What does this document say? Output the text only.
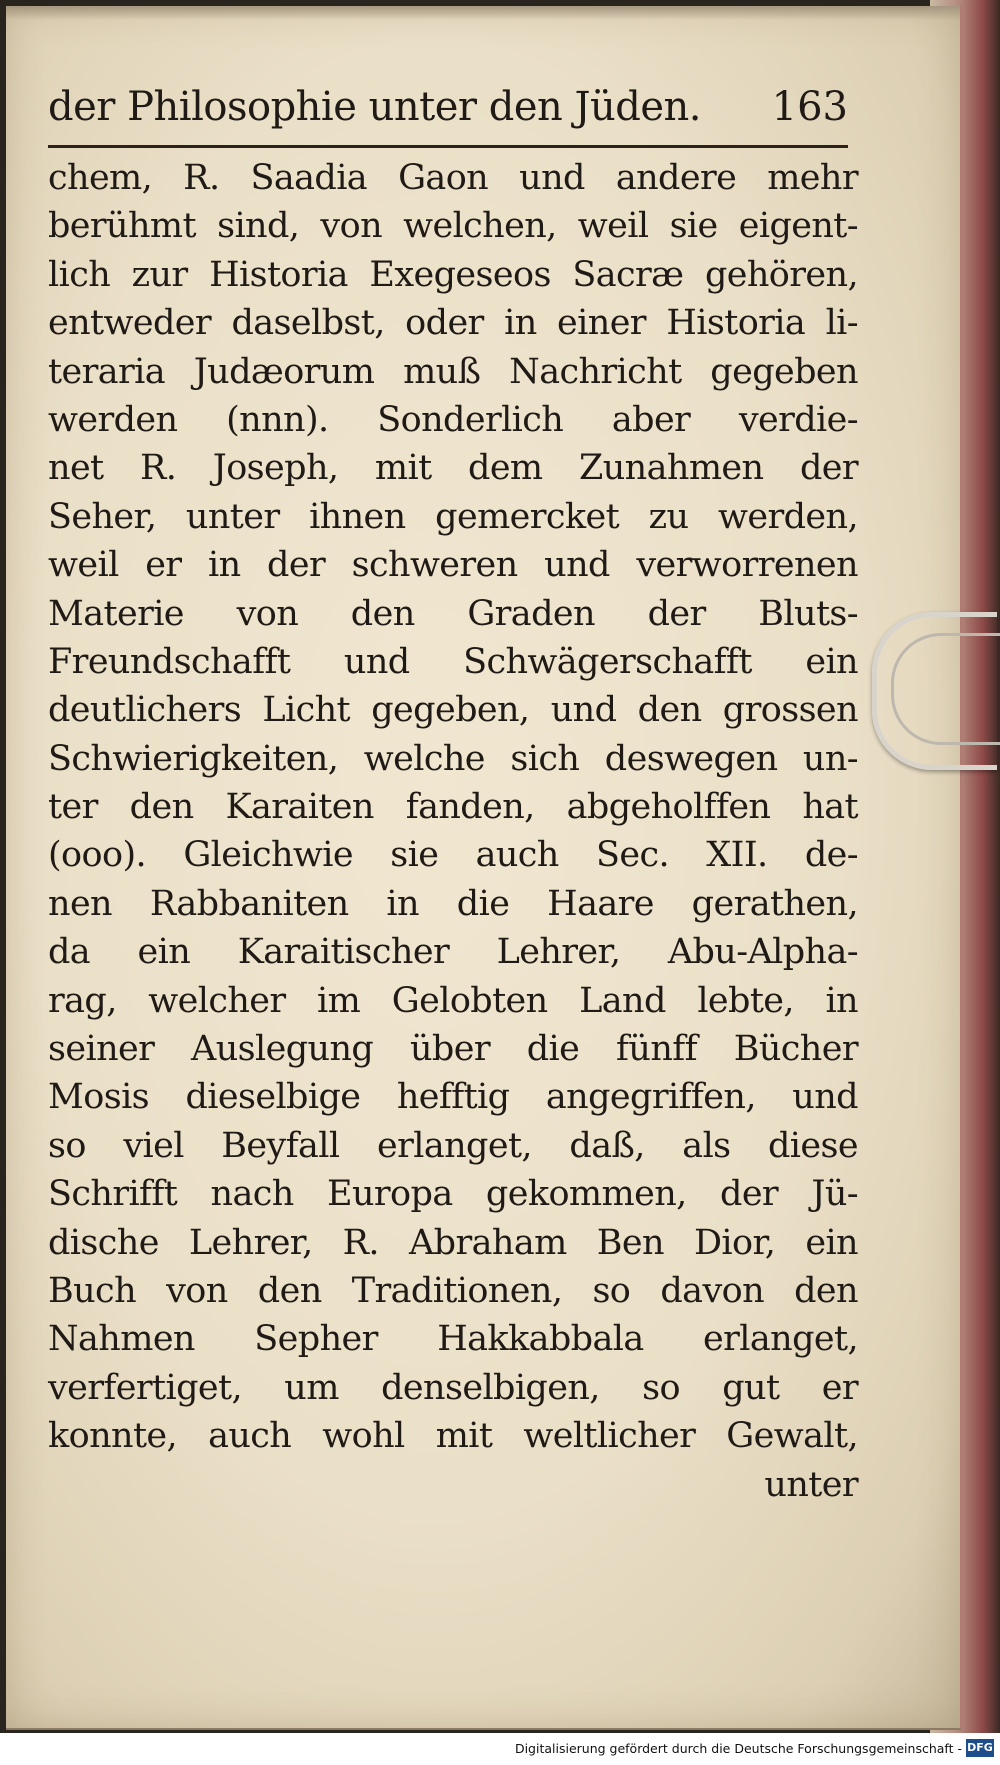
der Philosophie unter den Jüden. 163
chem, R. Saadia Gaon und andere mehr
berühmt sind, von welchen, weil sie eigent-
lich zur Historia Exegeseos Sacræ gehören,
entweder daselbst, oder in einer Historia li-
teraria Judæorum muß Nachricht gegeben
werden (nnn). Sonderlich aber verdie-
net R. Joseph, mit dem Zunahmen der
Seher, unter ihnen gemercket zu werden,
weil er in der schweren und verworrenen
Materie von den Graden der Bluts-
Freundschafft und Schwägerschafft ein
deutlichers Licht gegeben, und den grossen
Schwierigkeiten, welche sich deswegen un-
ter den Karaiten fanden, abgeholffen hat
(ooo). Gleichwie sie auch Sec. XII. de-
nen Rabbaniten in die Haare gerathen,
da ein Karaitischer Lehrer, Abu-Alpha-
rag, welcher im Gelobten Land lebte, in
seiner Auslegung über die fünff Bücher
Mosis dieselbige hefftig angegriffen, und
so viel Beyfall erlanget, daß, als diese
Schrifft nach Europa gekommen, der Jü-
dische Lehrer, R. Abraham Ben Dior, ein
Buch von den Traditionen, so davon den
Nahmen Sepher Hakkabbala erlanget,
verfertiget, um denselbigen, so gut er
konnte, auch wohl mit weltlicher Gewalt,
unter
Digitalisierung gefördert durch die Deutsche Forschungsgemeinschaft - DFG
